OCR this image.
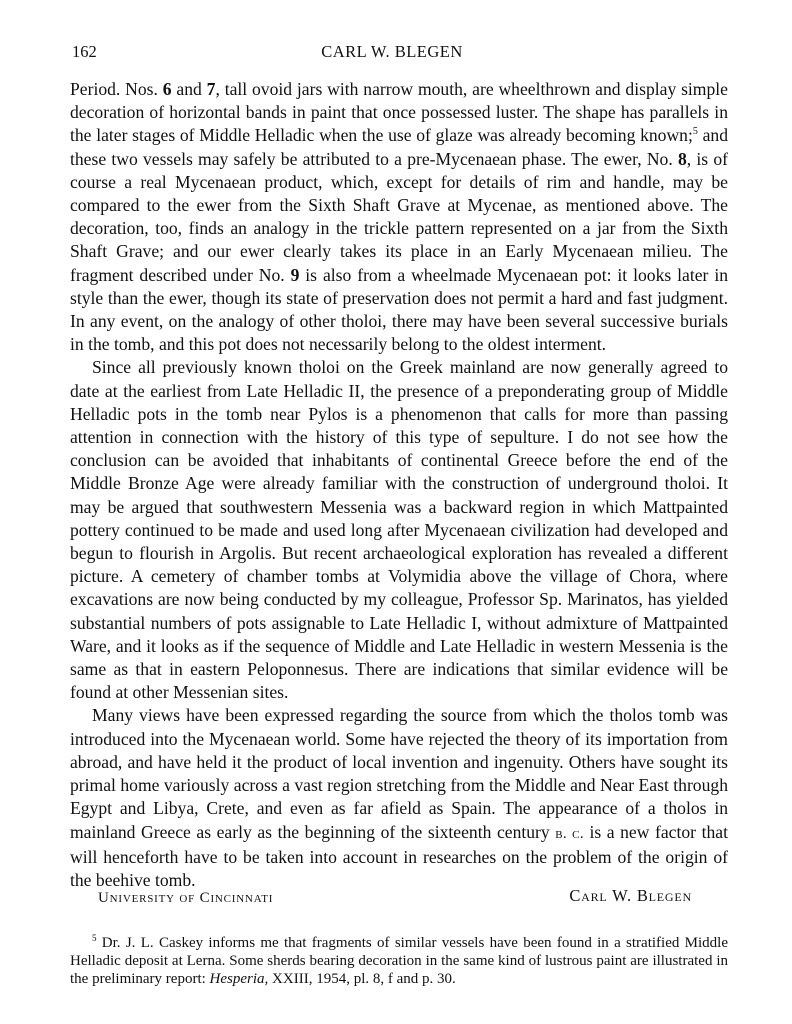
162	CARL W. BLEGEN

Period. Nos. 6 and 7, tall ovoid jars with narrow mouth, are wheelthrown and display simple decoration of horizontal bands in paint that once possessed luster. The shape has parallels in the later stages of Middle Helladic when the use of glaze was already becoming known;$^5$ and these two vessels may safely be attributed to a pre-Mycenaean phase. The ewer, No. 8, is of course a real Mycenaean product, which, except for details of rim and handle, may be compared to the ewer from the Sixth Shaft Grave at Mycenae, as mentioned above. The decoration, too, finds an analogy in the trickle pattern represented on a jar from the Sixth Shaft Grave; and our ewer clearly takes its place in an Early Mycenaean milieu. The fragment described under No. 9 is also from a wheelmade Mycenaean pot: it looks later in style than the ewer, though its state of preservation does not permit a hard and fast judgment. In any event, on the analogy of other tholoi, there may have been several successive burials in the tomb, and this pot does not necessarily belong to the oldest interment.

Since all previously known tholoi on the Greek mainland are now generally agreed to date at the earliest from Late Helladic II, the presence of a preponderating group of Middle Helladic pots in the tomb near Pylos is a phenomenon that calls for more than passing attention in connection with the history of this type of sepulture. I do not see how the conclusion can be avoided that inhabitants of continental Greece before the end of the Middle Bronze Age were already familiar with the construction of underground tholoi. It may be argued that southwestern Messenia was a backward region in which Mattpainted pottery continued to be made and used long after Mycenaean civilization had developed and begun to flourish in Argolis. But recent archaeological exploration has revealed a different picture. A cemetery of chamber tombs at Volymidia above the village of Chora, where excavations are now being conducted by my colleague, Professor Sp. Marinatos, has yielded substantial numbers of pots assignable to Late Helladic I, without admixture of Mattpainted Ware, and it looks as if the sequence of Middle and Late Helladic in western Messenia is the same as that in eastern Peloponnesus. There are indications that similar evidence will be found at other Messenian sites.

Many views have been expressed regarding the source from which the tholos tomb was introduced into the Mycenaean world. Some have rejected the theory of its importation from abroad, and have held it the product of local invention and ingenuity. Others have sought its primal home variously across a vast region stretching from the Middle and Near East through Egypt and Libya, Crete, and even as far afield as Spain. The appearance of a tholos in mainland Greece as early as the beginning of the sixteenth century b. c. is a new factor that will henceforth have to be taken into account in researches on the problem of the origin of the beehive tomb.

University of Cincinnati	Carl W. Blegen

$^5$ Dr. J. L. Caskey informs me that fragments of similar vessels have been found in a stratified Middle Helladic deposit at Lerna. Some sherds bearing decoration in the same kind of lustrous paint are illustrated in the preliminary report: Hesperia, XXIII, 1954, pl. 8, f and p. 30.
